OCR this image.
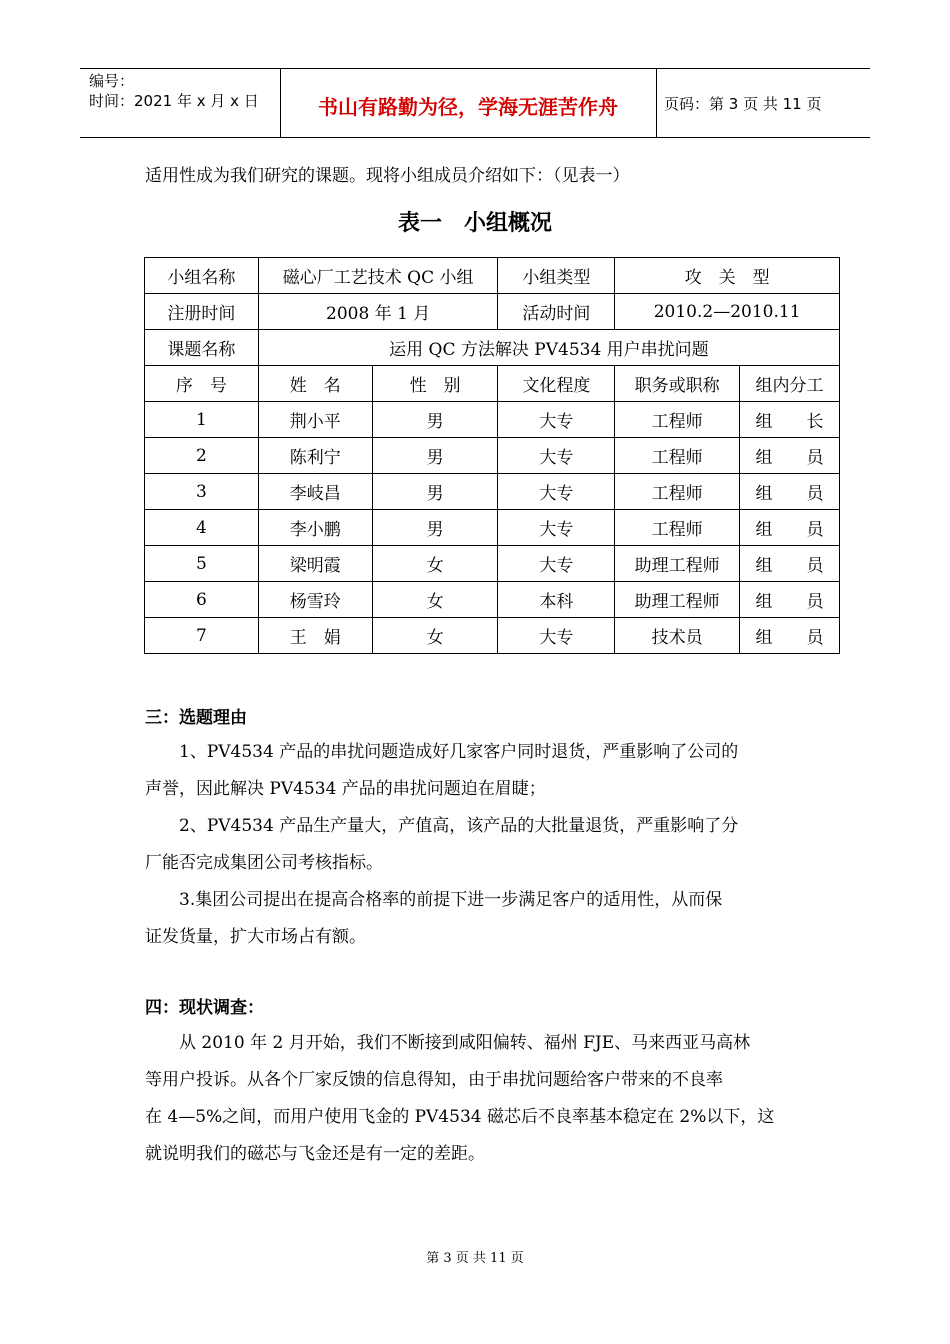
编号：
时间：2021 年 x 月 x 日	书山有路勤为径，学海无涯苦作舟	页码：第 3 页 共 11 页
适用性成为我们研究的课题。现将小组成员介绍如下：（见表一）
表一　小组概况
小组名称	磁心厂工艺技术 QC 小组		小组类型	攻　关　型	
注册时间	2008 年 1 月		活动时间	2010.2—2010.11	
课题名称	运用 QC 方法解决 PV4534 用户串扰问题				
序　号	姓　名	性　别	文化程度	职务或职称	组内分工
1	荆小平	男	大专	工程师	组　　长
2	陈利宁	男	大专	工程师	组　　员
3	李岐昌	男	大专	工程师	组　　员
4	李小鹏	男	大专	工程师	组　　员
5	梁明霞	女	大专	助理工程师	组　　员
6	杨雪玲	女	本科	助理工程师	组　　员
7	王　娟	女	大专	技术员	组　　员
三：选题理由
　　1、PV4534 产品的串扰问题造成好几家客户同时退货，严重影响了公司的
声誉，因此解决 PV4534 产品的串扰问题迫在眉睫；
　　2、PV4534 产品生产量大，产值高，该产品的大批量退货，严重影响了分
厂能否完成集团公司考核指标。
　　3.集团公司提出在提高合格率的前提下进一步满足客户的适用性，从而保
证发货量，扩大市场占有额。
四：现状调查：
　　从 2010 年 2 月开始，我们不断接到咸阳偏转、福州 FJE、马来西亚马高林
等用户投诉。从各个厂家反馈的信息得知，由于串扰问题给客户带来的不良率
在 4—5%之间，而用户使用飞金的 PV4534 磁芯后不良率基本稳定在 2%以下，这
就说明我们的磁芯与飞金还是有一定的差距。
第 3 页 共 11 页
